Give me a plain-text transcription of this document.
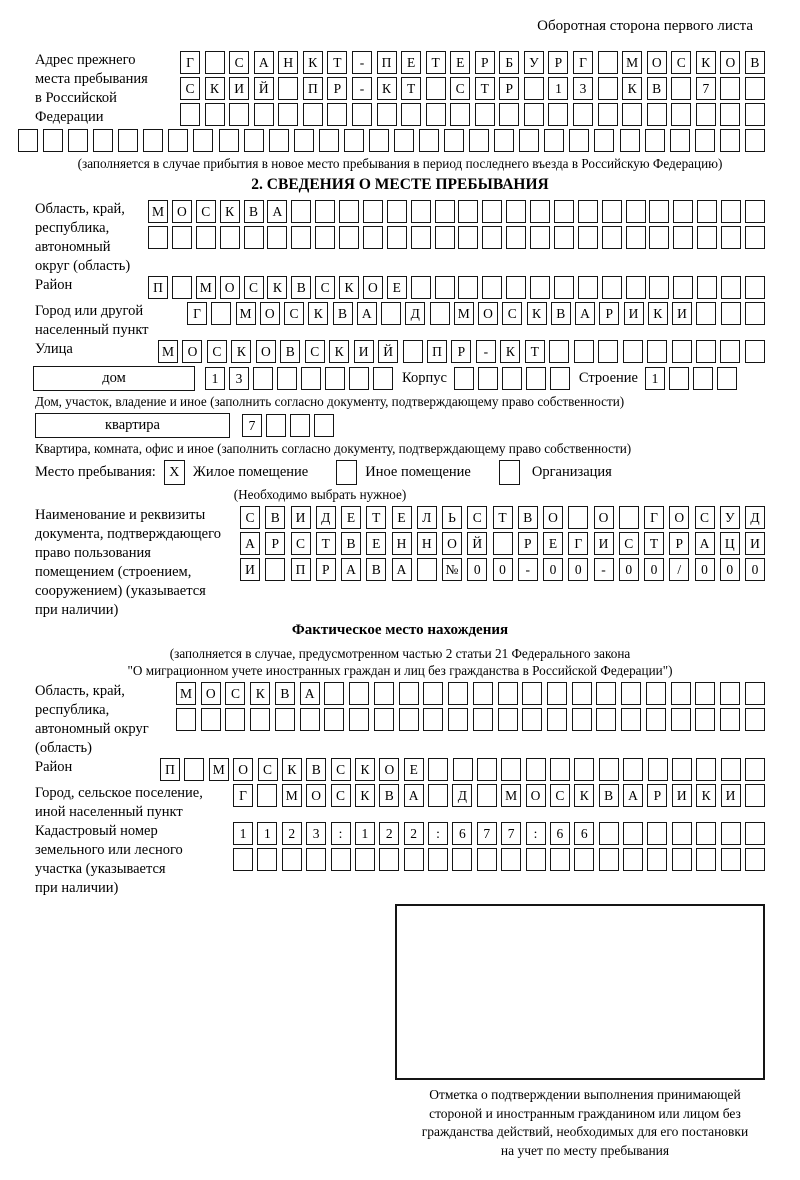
Оборотная сторона первого листа
Адрес прежнего
места пребывания
в Российской
Федерации
Г	С	А	Н	К	Т	-	П	Е	Т	Е	Р	Б	У	Р	Г	М	О	С	К	О	В
С	К	И	Й	П	Р	-	К	Т	С	Т	Р	1	3	К	В	7
(заполняется в случае прибытия в новое место пребывания в период последнего въезда в Российскую Федерацию)
2. СВЕДЕНИЯ О МЕСТЕ ПРЕБЫВАНИЯ
Область, край,
республика,
автономный
округ (область)
М О	С	К	В	А
Район	П	М О	С	К	В	С	К	О	Е
Город или другой
населенный пункт
Г	М О	С	К	В	А	Д	М О	С	К	В	А	Р	И	К	И
Улица	М	О	С	К	О	В	С	К	И	Й	П	Р	-	К	Т
дом	1	3	Корпус	Строение	1
Дом, участок, владение и иное (заполнить согласно документу, подтверждающему право собственности)
квартира	7
Квартира, комната, офис и иное (заполнить согласно документу, подтверждающему право собственности)
Место пребывания: X Жилое помещение	Иное помещение	Организация
(Необходимо выбрать нужное)
Наименование и реквизиты
документа, подтверждающего
право пользования
помещением (строением,
сооружением) (указывается
при наличии)
С	В	И	Д	Е	Т	Е	Л	Ь	С	Т	В	О	О	Г	О	С	У	Д
А	Р	С	Т	В	Е	Н	Н	О	Й	Р	Е	Г	И	С	Т	Р	А	Ц	И
И	П	Р	А	В	А	№	0	0	-	0	0	-	0	0	/	0	0	0
Фактическое место нахождения
(заполняется в случае, предусмотренном частью 2 статьи 21 Федерального закона
"О миграционном учете иностранных граждан и лиц без гражданства в Российской Федерации")
Область, край,
республика,
автономный округ
(область)
М	О	С	К	В	А
Район	П	М	О	С	К	В	С	К	О	Е
Город, сельское поселение,
иной населенный пункт
Г	М	О	С	К	В	А	Д	М	О	С	К	В	А	Р	И	К	И
Кадастровый номер
земельного или лесного
участка (указывается
при наличии)
1	1	2	3	:	1	2	2	:	6	7	7	:	6	6
Отметка о подтверждении выполнения принимающей
стороной и иностранным гражданином или лицом без
гражданства действий, необходимых для его постановки
на учет по месту пребывания
